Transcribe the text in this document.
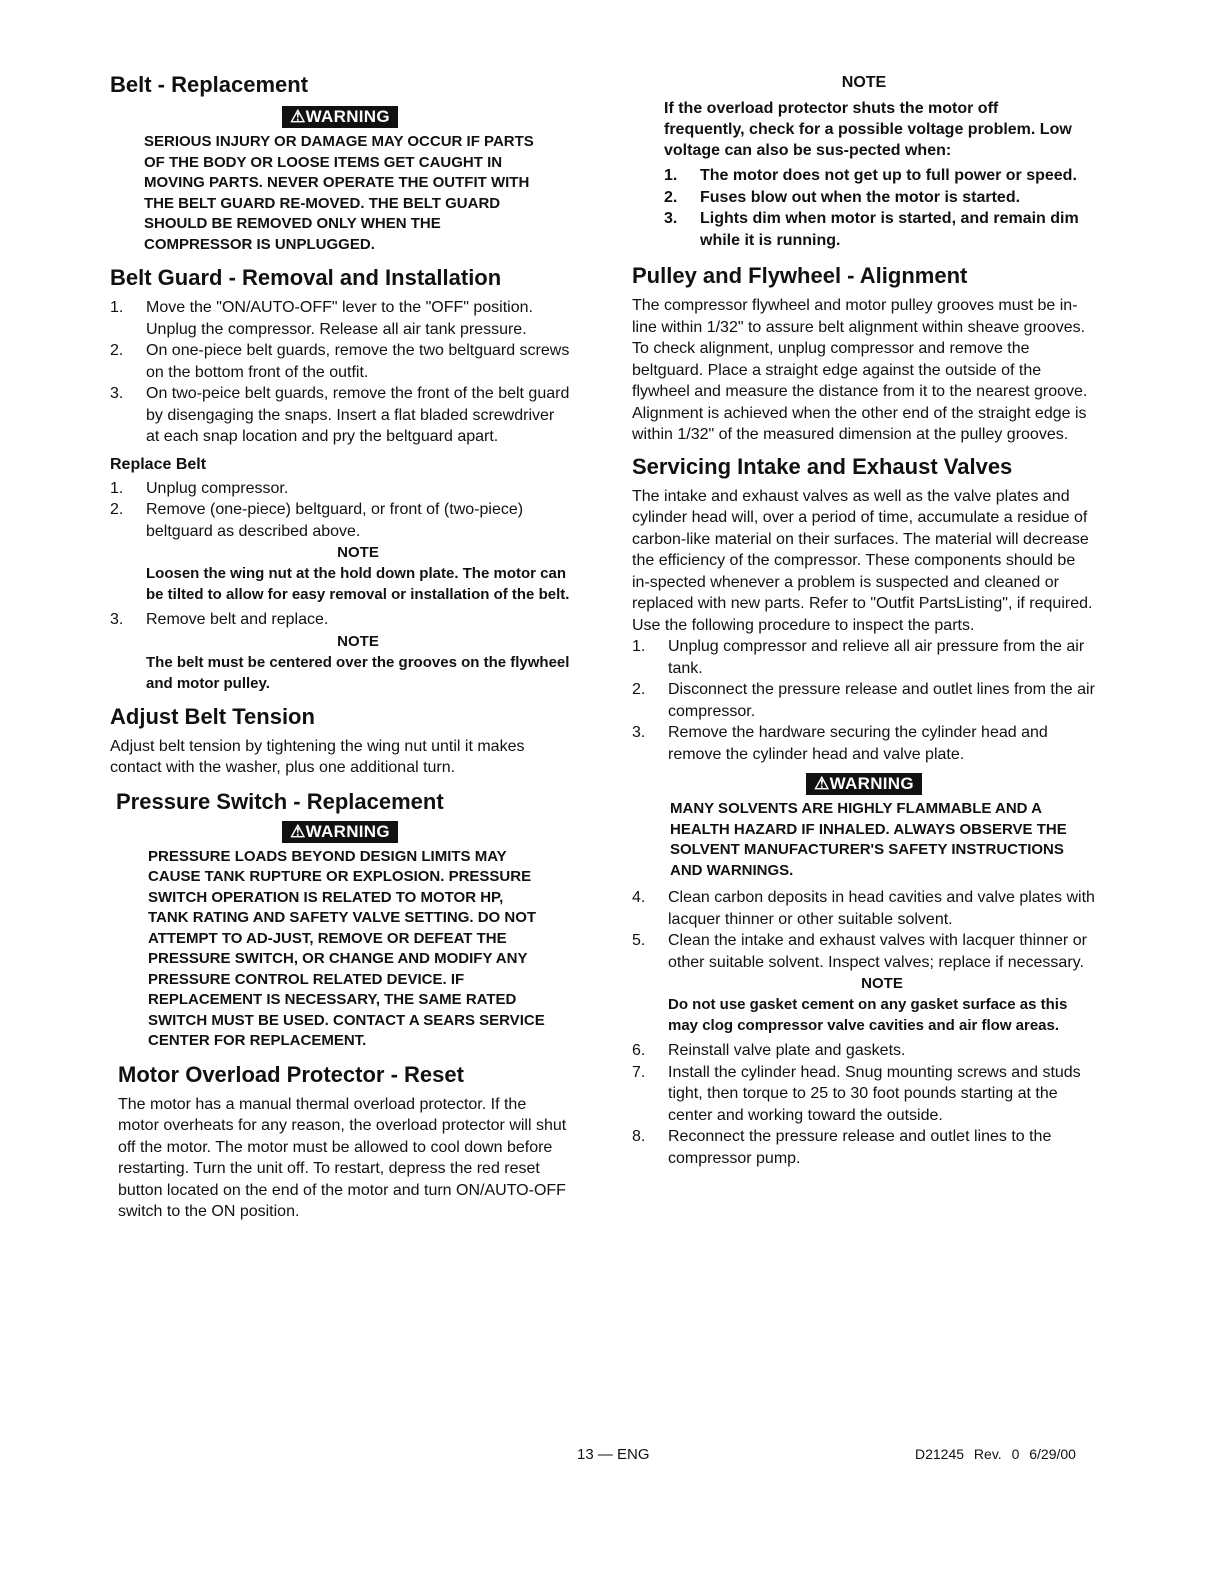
Belt - Replacement
⚠WARNING
SERIOUS INJURY OR DAMAGE MAY OCCUR IF PARTS OF THE BODY OR LOOSE ITEMS GET CAUGHT IN MOVING PARTS. NEVER OPERATE THE OUTFIT WITH THE BELT GUARD RE-MOVED. THE BELT GUARD SHOULD BE REMOVED ONLY WHEN THE COMPRESSOR IS UNPLUGGED.
Belt Guard - Removal and Installation
1. Move the "ON/AUTO-OFF" lever to the "OFF" position. Unplug the compressor. Release all air tank pressure.
2. On one-piece belt guards, remove the two beltguard screws on the bottom front of the outfit.
3. On two-peice belt guards, remove the front of the belt guard by disengaging the snaps. Insert a flat bladed screwdriver at each snap location and pry the beltguard apart.
Replace Belt
1. Unplug compressor.
2. Remove (one-piece) beltguard, or front of (two-piece) beltguard as described above.
NOTE
Loosen the wing nut at the hold down plate. The motor can be tilted to allow for easy removal or installation of the belt.
3. Remove belt and replace.
NOTE
The belt must be centered over the grooves on the flywheel and motor pulley.
Adjust Belt Tension

Adjust belt tension by tightening the wing nut until it makes contact with the washer, plus one additional turn.

Pressure Switch - Replacement
⚠WARNING
PRESSURE LOADS BEYOND DESIGN LIMITS MAY CAUSE TANK RUPTURE OR EXPLOSION. PRESSURE SWITCH OPERATION IS RELATED TO MOTOR HP, TANK RATING AND SAFETY VALVE SETTING. DO NOT ATTEMPT TO AD-JUST, REMOVE OR DEFEAT THE PRESSURE SWITCH, OR CHANGE AND MODIFY ANY PRESSURE CONTROL RELATED DEVICE. IF REPLACEMENT IS NECESSARY, THE SAME RATED SWITCH MUST BE USED. CONTACT A SEARS SERVICE CENTER FOR REPLACEMENT.
Motor Overload Protector - Reset

The motor has a manual thermal overload protector. If the motor overheats for any reason, the overload protector will shut off the motor. The motor must be allowed to cool down before restarting. Turn the unit off. To restart, depress the red reset button located on the end of the motor and turn ON/AUTO-OFF switch to the ON position.

NOTE
If the overload protector shuts the motor off frequently, check for a possible voltage problem. Low voltage can also be sus-pected when:
1. The motor does not get up to full power or speed.
2. Fuses blow out when the motor is started.
3. Lights dim when motor is started, and remain dim while it is running.
Pulley and Flywheel - Alignment

The compressor flywheel and motor pulley grooves must be in-line within 1/32" to assure belt alignment within sheave grooves. To check alignment, unplug compressor and remove the beltguard. Place a straight edge against the outside of the flywheel and measure the distance from it to the nearest groove. Alignment is achieved when the other end of the straight edge is within 1/32" of the measured dimension at the pulley grooves.

Servicing Intake and Exhaust Valves

The intake and exhaust valves as well as the valve plates and cylinder head will, over a period of time, accumulate a residue of carbon-like material on their surfaces. The material will decrease the efficiency of the compressor. These components should be in-spected whenever a problem is suspected and cleaned or replaced with new parts. Refer to "Outfit PartsListing", if required. Use the following procedure to inspect the parts.

1. Unplug compressor and relieve all air pressure from the air tank.
2. Disconnect the pressure release and outlet lines from the air compressor.
3. Remove the hardware securing the cylinder head and remove the cylinder head and valve plate.
⚠WARNING
MANY SOLVENTS ARE HIGHLY FLAMMABLE AND A HEALTH HAZARD IF INHALED. ALWAYS OBSERVE THE SOLVENT MANUFACTURER'S SAFETY INSTRUCTIONS AND WARNINGS.
4. Clean carbon deposits in head cavities and valve plates with lacquer thinner or other suitable solvent.
5. Clean the intake and exhaust valves with lacquer thinner or other suitable solvent. Inspect valves; replace if necessary.
NOTE
Do not use gasket cement on any gasket surface as this may clog compressor valve cavities and air flow areas.
6. Reinstall valve plate and gaskets.
7. Install the cylinder head. Snug mounting screws and studs tight, then torque to 25 to 30 foot pounds starting at the center and working toward the outside.
8. Reconnect the pressure release and outlet lines to the compressor pump.
13 — ENG	D21245 Rev. 0 6/29/00
